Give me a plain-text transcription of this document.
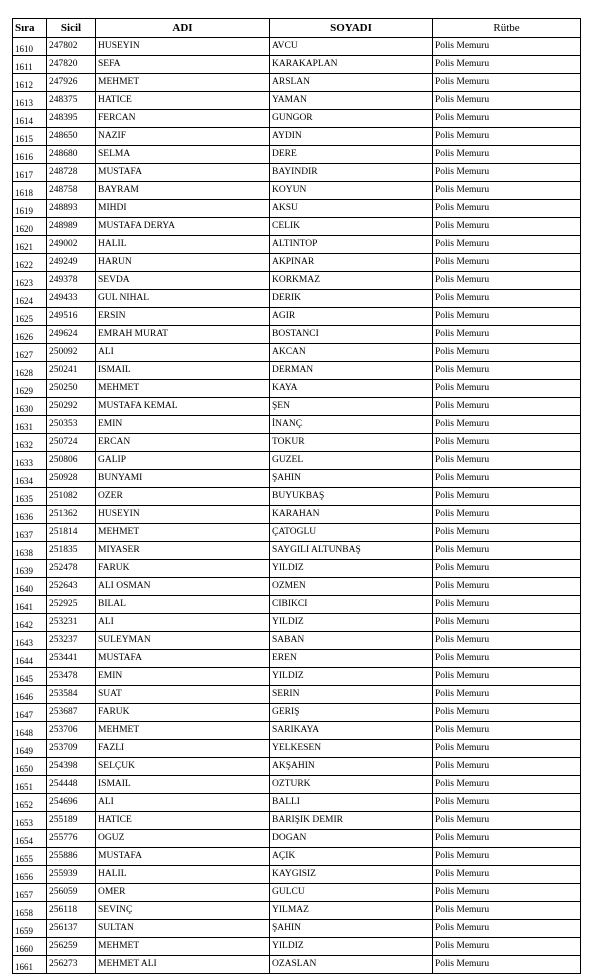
Sıra	Sicil	ADI	SOYADI	Rütbe
1610	247802	HUSEYIN	AVCU	Polis Memuru
1611	247820	SEFA	KARAKAPLAN	Polis Memuru
1612	247926	MEHMET	ARSLAN	Polis Memuru
1613	248375	HATICE	YAMAN	Polis Memuru
1614	248395	FERCAN	GUNGOR	Polis Memuru
1615	248650	NAZIF	AYDIN	Polis Memuru
1616	248680	SELMA	DERE	Polis Memuru
1617	248728	MUSTAFA	BAYINDIR	Polis Memuru
1618	248758	BAYRAM	KOYUN	Polis Memuru
1619	248893	MIHDI	AKSU	Polis Memuru
1620	248989	MUSTAFA DERYA	CELIK	Polis Memuru
1621	249002	HALIL	ALTINTOP	Polis Memuru
1622	249249	HARUN	AKPINAR	Polis Memuru
1623	249378	SEVDA	KORKMAZ	Polis Memuru
1624	249433	GUL NIHAL	DERIK	Polis Memuru
1625	249516	ERSIN	AGIR	Polis Memuru
1626	249624	EMRAH MURAT	BOSTANCI	Polis Memuru
1627	250092	ALI	AKCAN	Polis Memuru
1628	250241	ISMAIL	DERMAN	Polis Memuru
1629	250250	MEHMET	KAYA	Polis Memuru
1630	250292	MUSTAFA KEMAL	ŞEN	Polis Memuru
1631	250353	EMIN	İNANÇ	Polis Memuru
1632	250724	ERCAN	TOKUR	Polis Memuru
1633	250806	GALIP	GUZEL	Polis Memuru
1634	250928	BUNYAMI	ŞAHIN	Polis Memuru
1635	251082	OZER	BUYUKBAŞ	Polis Memuru
1636	251362	HUSEYIN	KARAHAN	Polis Memuru
1637	251814	MEHMET	ÇATOGLU	Polis Memuru
1638	251835	MIYASER	SAYGILI ALTUNBAŞ	Polis Memuru
1639	252478	FARUK	YILDIZ	Polis Memuru
1640	252643	ALI OSMAN	OZMEN	Polis Memuru
1641	252925	BILAL	CIBIKCI	Polis Memuru
1642	253231	ALI	YILDIZ	Polis Memuru
1643	253237	SULEYMAN	SABAN	Polis Memuru
1644	253441	MUSTAFA	EREN	Polis Memuru
1645	253478	EMIN	YILDIZ	Polis Memuru
1646	253584	SUAT	SERIN	Polis Memuru
1647	253687	FARUK	GERIŞ	Polis Memuru
1648	253706	MEHMET	SARIKAYA	Polis Memuru
1649	253709	FAZLI	YELKESEN	Polis Memuru
1650	254398	SELÇUK	AKŞAHIN	Polis Memuru
1651	254448	ISMAIL	OZTURK	Polis Memuru
1652	254696	ALI	BALLI	Polis Memuru
1653	255189	HATICE	BARIŞIK DEMIR	Polis Memuru
1654	255776	OGUZ	DOGAN	Polis Memuru
1655	255886	MUSTAFA	AÇIK	Polis Memuru
1656	255939	HALIL	KAYGISIZ	Polis Memuru
1657	256059	OMER	GULCU	Polis Memuru
1658	256118	SEVINÇ	YILMAZ	Polis Memuru
1659	256137	SULTAN	ŞAHIN	Polis Memuru
1660	256259	MEHMET	YILDIZ	Polis Memuru
1661	256273	MEHMET ALI	OZASLAN	Polis Memuru
